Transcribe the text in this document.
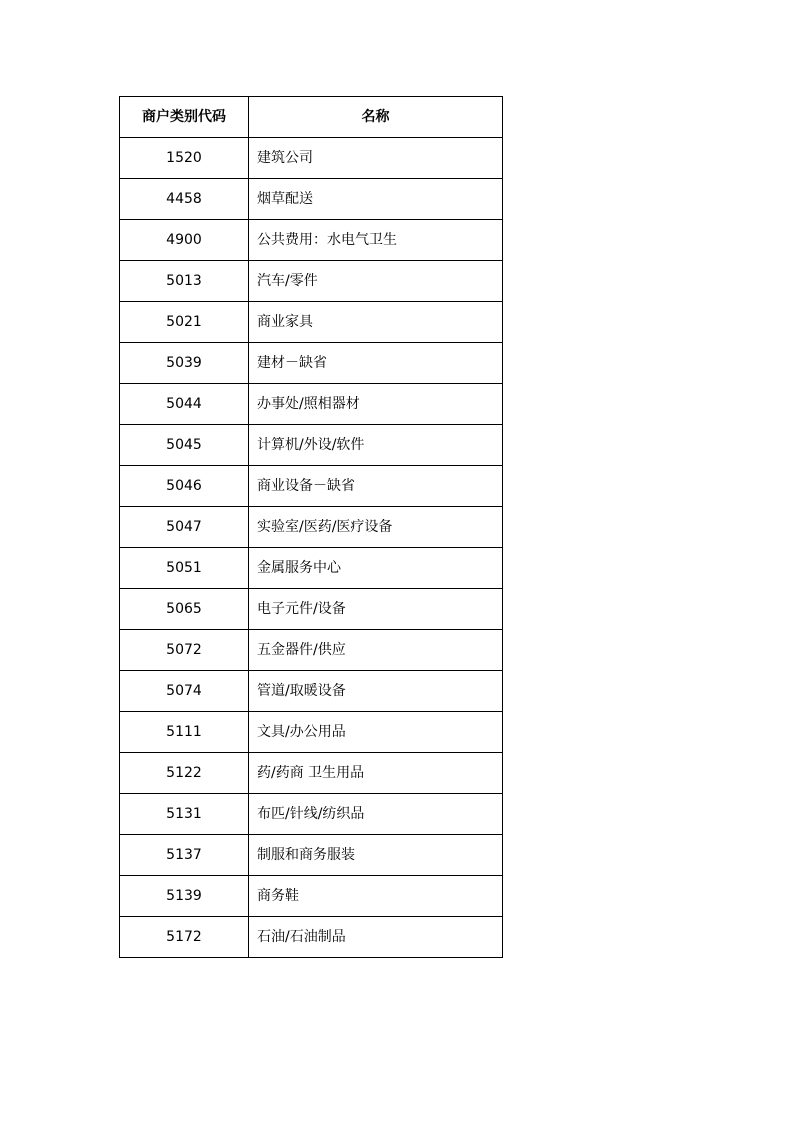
商户类别代码	名称
1520	建筑公司
4458	烟草配送
4900	公共费用：水电气卫生
5013	汽车/零件
5021	商业家具
5039	建材－缺省
5044	办事处/照相器材
5045	计算机/外设/软件
5046	商业设备－缺省
5047	实验室/医药/医疗设备
5051	金属服务中心
5065	电子元件/设备
5072	五金器件/供应
5074	管道/取暖设备
5111	文具/办公用品
5122	药/药商 卫生用品
5131	布匹/针线/纺织品
5137	制服和商务服装
5139	商务鞋
5172	石油/石油制品
